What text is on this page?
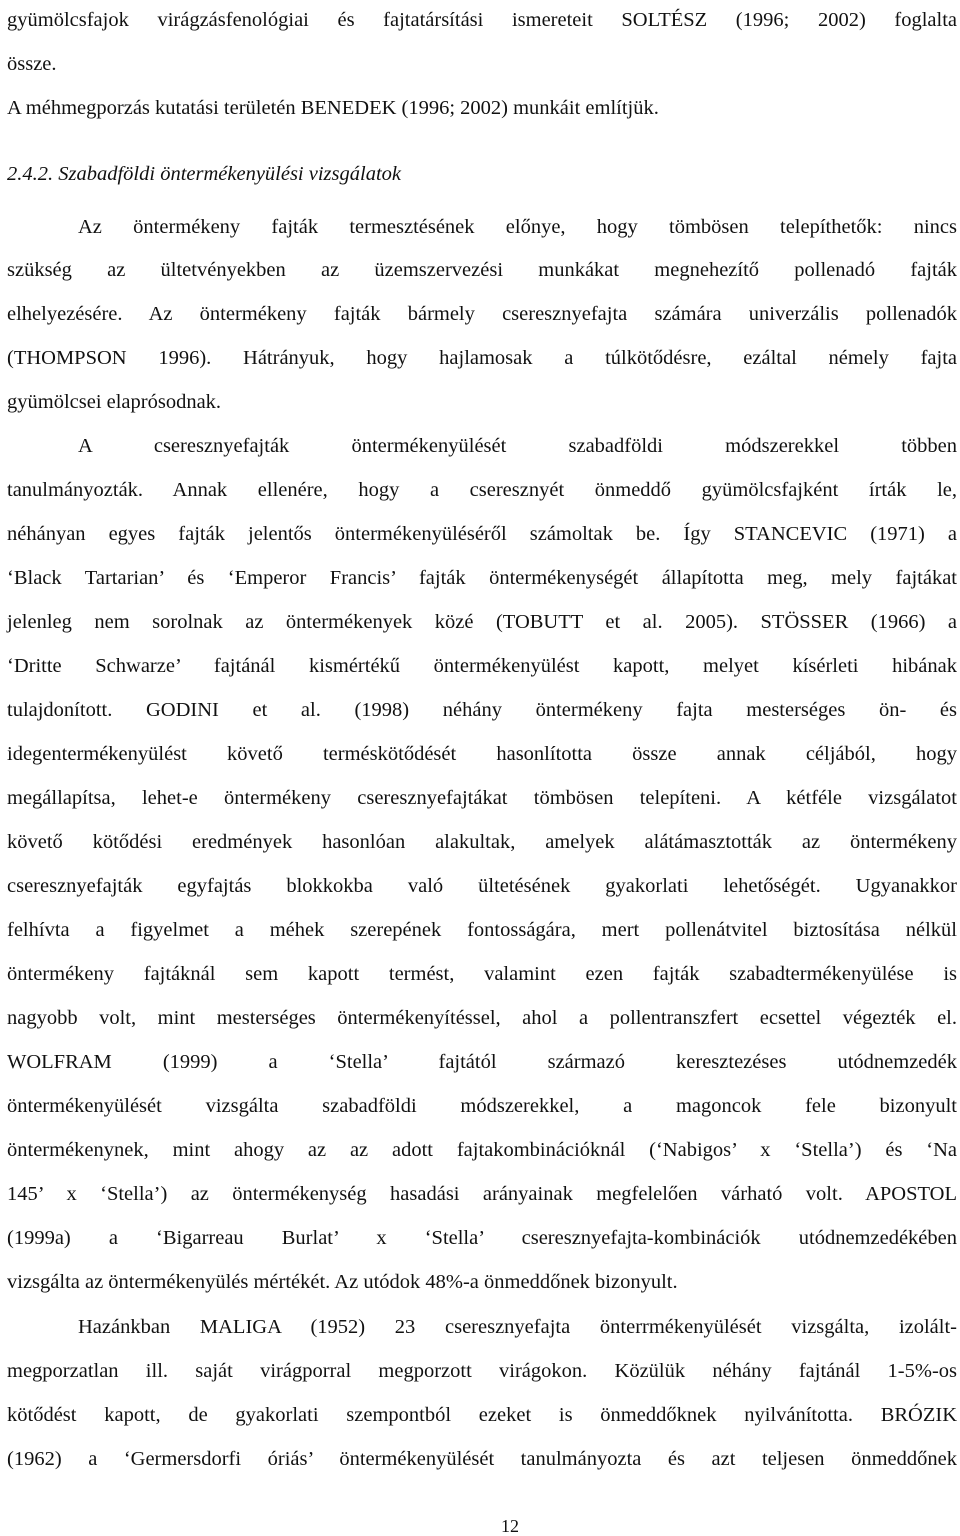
gyümölcsfajok virágzásfenológiai és fajtatársítási ismereteit SOLTÉSZ (1996; 2002) foglalta
össze.
A méhmegporzás kutatási területén BENEDEK (1996; 2002) munkáit említjük.
2.4.2. Szabadföldi öntermékenyülési vizsgálatok
Az öntermékeny fajták termesztésének előnye, hogy tömbösen telepíthetők: nincs
szükség az ültetvényekben az üzemszervezési munkákat megnehezítő pollenadó fajták
elhelyezésére. Az öntermékeny fajták bármely cseresznyefajta számára univerzális pollenadók
(THOMPSON 1996). Hátrányuk, hogy hajlamosak a túlkötődésre, ezáltal némely fajta
gyümölcsei elaprósodnak.
A cseresznyefajták öntermékenyülését szabadföldi módszerekkel többen
tanulmányozták. Annak ellenére, hogy a cseresznyét önmeddő gyümölcsfajként írták le,
néhányan egyes fajták jelentős öntermékenyüléséről számoltak be. Így STANCEVIC (1971) a
‘Black Tartarian’ és ‘Emperor Francis’ fajták öntermékenységét állapította meg, mely fajtákat
jelenleg nem sorolnak az öntermékenyek közé (TOBUTT et al. 2005). STÖSSER (1966) a
‘Dritte Schwarze’ fajtánál kismértékű öntermékenyülést kapott, melyet kísérleti hibának
tulajdonított. GODINI et al. (1998) néhány öntermékeny fajta mesterséges ön- és
idegentermékenyülést követő terméskötődését hasonlította össze annak céljából, hogy
megállapítsa, lehet-e öntermékeny cseresznyefajtákat tömbösen telepíteni. A kétféle vizsgálatot
követő kötődési eredmények hasonlóan alakultak, amelyek alátámasztották az öntermékeny
cseresznyefajták egyfajtás blokkokba való ültetésének gyakorlati lehetőségét. Ugyanakkor
felhívta a figyelmet a méhek szerepének fontosságára, mert pollenátvitel biztosítása nélkül
öntermékeny fajtáknál sem kapott termést, valamint ezen fajták szabadtermékenyülése is
nagyobb volt, mint mesterséges öntermékenyítéssel, ahol a pollentranszfert ecsettel végezték el.
WOLFRAM (1999) a ‘Stella’ fajtától származó keresztezéses utódnemzedék
öntermékenyülését vizsgálta szabadföldi módszerekkel, a magoncok fele bizonyult
öntermékenynek, mint ahogy az az adott fajtakombinációknál (‘Nabigos’ x ‘Stella’) és ‘Na
145’ x ‘Stella’) az öntermékenység hasadási arányainak megfelelően várható volt. APOSTOL
(1999a) a ‘Bigarreau Burlat’ x ‘Stella’ cseresznyefajta-kombinációk utódnemzedékében
vizsgálta az öntermékenyülés mértékét. Az utódok 48%-a önmeddőnek bizonyult.
Hazánkban MALIGA (1952) 23 cseresznyefajta önterrmékenyülését vizsgálta, izolált-
megporzatlan ill. saját virágporral megporzott virágokon. Közülük néhány fajtánál 1-5%-os
kötődést kapott, de gyakorlati szempontból ezeket is önmeddőknek nyilvánította. BRÓZIK
(1962) a ‘Germersdorfi óriás’ öntermékenyülését tanulmányozta és azt teljesen önmeddőnek
12
